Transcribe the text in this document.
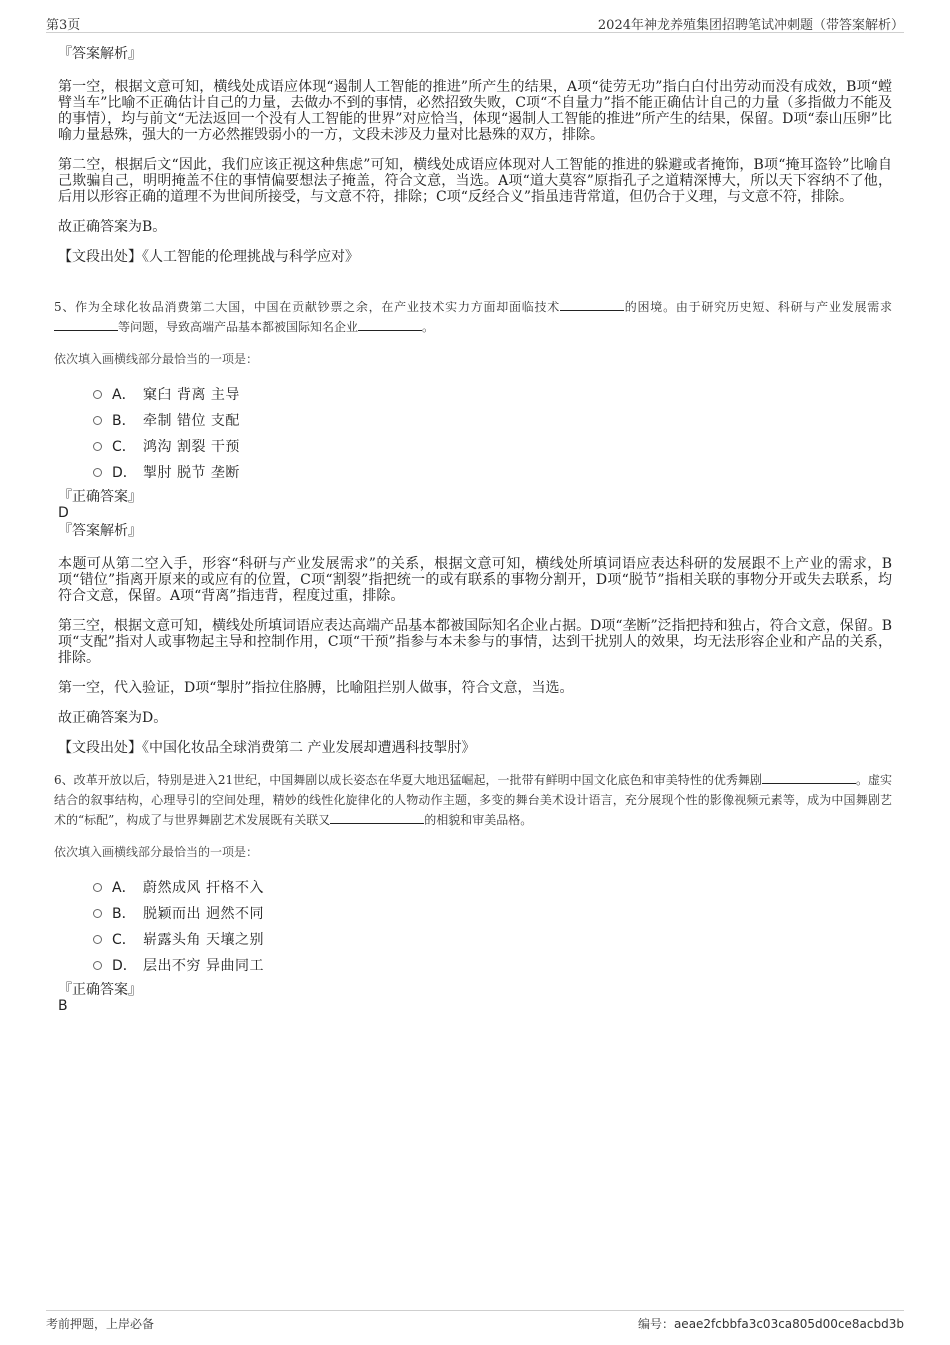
第3页	2024年神龙养殖集团招聘笔试冲刺题（带答案解析）

『答案解析』

第一空，根据文意可知，横线处成语应体现“遏制人工智能的推进”所产生的结果，A项“徒劳无功”指白白付出劳动而没有成效，B项“螳臂当车”比喻不正确估计自己的力量，去做办不到的事情，必然招致失败，C项“不自量力”指不能正确估计自己的力量（多指做力不能及的事情），均与前文“无法返回一个没有人工智能的世界”对应恰当，体现“遏制人工智能的推进”所产生的结果，保留。D项“泰山压卵”比喻力量悬殊，强大的一方必然摧毁弱小的一方，文段未涉及力量对比悬殊的双方，排除。

第二空，根据后文“因此，我们应该正视这种焦虑”可知，横线处成语应体现对人工智能的推进的躲避或者掩饰，B项“掩耳盗铃”比喻自己欺骗自己，明明掩盖不住的事情偏要想法子掩盖，符合文意，当选。A项“道大莫容”原指孔子之道精深博大，所以天下容纳不了他，后用以形容正确的道理不为世间所接受，与文意不符，排除；C项“反经合义”指虽违背常道，但仍合于义理，与文意不符，排除。

故正确答案为B。

【文段出处】《人工智能的伦理挑战与科学应对》

5、作为全球化妆品消费第二大国，中国在贡献钞票之余，在产业技术实力方面却面临技术	的困境。由于研究历史短、科研与产业发展需求等问题，导致高端产品基本都被国际知名企业	。

依次填入画横线部分最恰当的一项是：

A． 窠臼 背离 主导
B． 牵制 错位 支配
C． 鸿沟 割裂 干预
D． 掣肘 脱节 垄断

『正确答案』

D

『答案解析』

本题可从第二空入手，形容“科研与产业发展需求”的关系，根据文意可知，横线处所填词语应表达科研的发展跟不上产业的需求，B项“错位”指离开原来的或应有的位置，C项“割裂”指把统一的或有联系的事物分割开，D项“脱节”指相关联的事物分开或失去联系，均符合文意，保留。A项“背离”指违背，程度过重，排除。

第三空，根据文意可知，横线处所填词语应表达高端产品基本都被国际知名企业占据。D项“垄断”泛指把持和独占，符合文意，保留。B项“支配”指对人或事物起主导和控制作用，C项“干预”指参与本未参与的事情，达到干扰别人的效果，均无法形容企业和产品的关系，排除。

第一空，代入验证，D项“掣肘”指拉住胳膊，比喻阻拦别人做事，符合文意，当选。

故正确答案为D。

【文段出处】《中国化妆品全球消费第二 产业发展却遭遇科技掣肘》

6、改革开放以后，特别是进入21世纪，中国舞剧以成长姿态在华夏大地迅猛崛起，一批带有鲜明中国文化底色和审美特性的优秀舞剧	。虚实结合的叙事结构，心理导引的空间处理，精妙的线性化旋律化的人物动作主题，多变的舞台美术设计语言，充分展现个性的影像视频元素等，成为中国舞剧艺术的“标配”，构成了与世界舞剧艺术发展既有关联又	的相貌和审美品格。

依次填入画横线部分最恰当的一项是：

A． 蔚然成风 扞格不入
B． 脱颖而出 迥然不同
C． 崭露头角 天壤之别
D． 层出不穷 异曲同工

『正确答案』

B

考前押题，上岸必备	编号：aeae2fcbbfa3c03ca805d00ce8acbd3b
